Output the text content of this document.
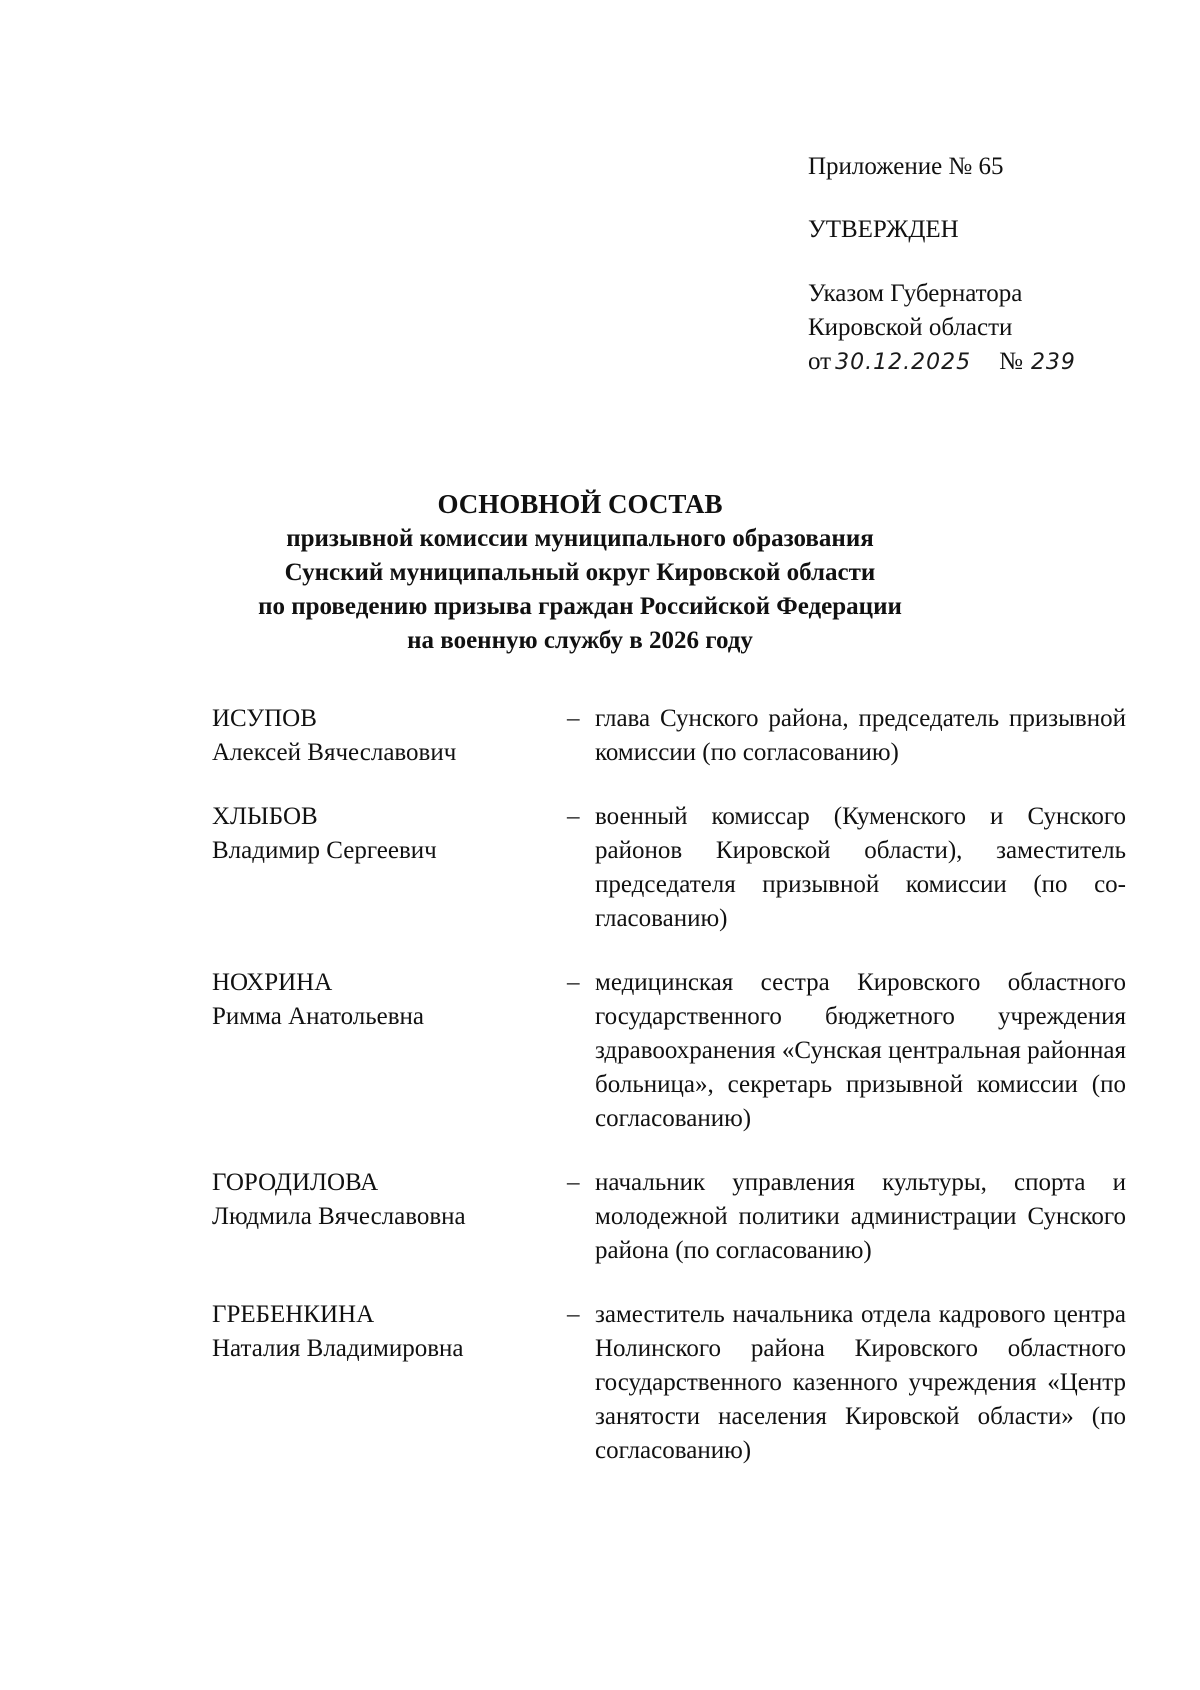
Приложение № 65
УТВЕРЖДЕН
Указом Губернатора
Кировской области
от 30.12.2025 № 239
ОСНОВНОЙ СОСТАВ
призывной комиссии муниципального образования
Сунский муниципальный округ Кировской области
по проведению призыва граждан Российской Федерации
на военную службу в 2026 году
ИСУПОВ
Алексей Вячеславович
– глава Сунского района, председатель призывной комиссии (по согласованию)
ХЛЫБОВ
Владимир Сергеевич
– военный комиссар (Куменского и Сунского районов Кировской области), заместитель председателя призывной комиссии (по согласованию)
НОХРИНА
Римма Анатольевна
– медицинская сестра Кировского областного государственного бюджетного учреждения здравоохранения «Сунская центральная районная больница», секретарь призывной комиссии (по согласованию)
ГОРОДИЛОВА
Людмила Вячеславовна
– начальник управления культуры, спорта и молодежной политики администрации Сунского района (по согласованию)
ГРЕБЕНКИНА
Наталия Владимировна
– заместитель начальника отдела кадрового центра Нолинского района Кировского областного государственного казенного учреждения «Центр занятости населения Кировской области» (по согласованию)
